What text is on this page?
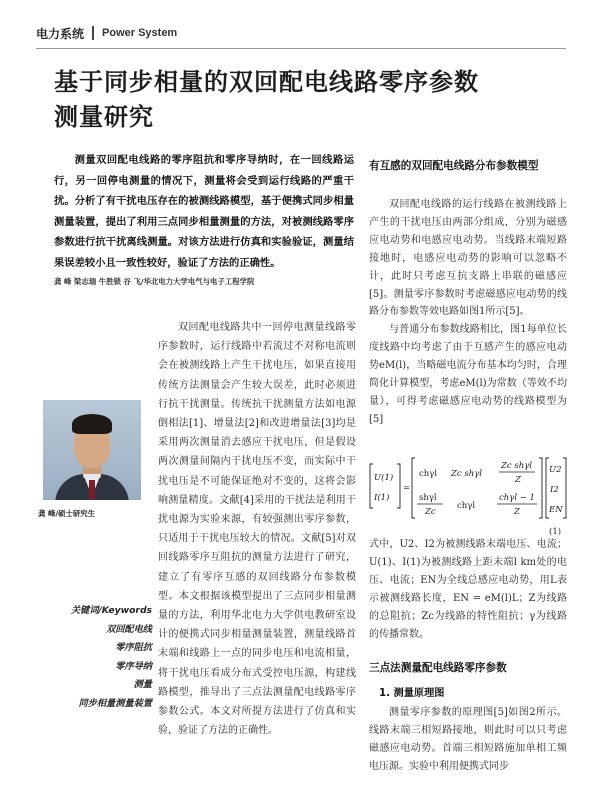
电力系统 Power System
基于同步相量的双回配电线路零序参数
测量研究
测量双回配电线路的零序阻抗和零序导纳时，在一回线路运行，另一回停电测量的情况下，测量将会受到运行线路的严重干扰。分析了有干扰电压存在的被测线路模型，基于便携式同步相量测量装置，提出了利用三点同步相量测量的方法，对被测线路零序参数进行抗干扰离线测量。对该方法进行仿真和实验验证，测量结果误差较小且一致性较好，验证了方法的正确性。
龚 峰 梁志瑞 牛胜锁 谷 飞/华北电力大学电气与电子工程学院
龚 峰/硕士研究生
关键词/Keywords
双回配电线
零序阻抗
零序导纳
测量
同步相量测量装置

双回配电线路共中一回停电测量线路零序参数时，运行线路中若流过不对称电流则会在被测线路上产生干扰电压，如果直接用传统方法测量会产生较大误差，此时必须进行抗干扰测量。传统抗干扰测量方法如电源倒相法[1]、增量法[2]和改进增量法[3]均是采用两次测量消去感应干扰电压，但是假设两次测量间隔内干扰电压不变，而实际中干扰电压是不可能保证绝对不变的，这将会影响测量精度。文献[4]采用的干扰法是利用干扰电源为实验来源，有较强测出零序参数，只适用于干扰电压较大的情况。文献[5]对双回线路零序互阻抗的测量方法进行了研究，建立了有零序互感的双回线路分布参数模型。本文根据该模型提出了三点同步相量测量的方法，利用华北电力大学供电教研室设计的便携式同步相量测量装置，测量线路首末端和线路上一点的同步电压和电流相量，将干扰电压看成分布式受控电压源，构建线路模型，推导出了三点法测量配电线路零序参数公式。本文对所提方法进行了仿真和实验，验证了方法的正确性。

有互感的双回配电线路分布参数模型

双回配电线路的运行线路在被测线路上产生的干扰电压由两部分组成，分别为磁感应电动势和电感应电动势。当线路末端短路接地时，电感应电动势的影响可以忽略不计，此时只考虑互抗支路上串联的磁感应[5]。测量零序参数时考虑磁感应电动势的线路分布参数等效电路如图1所示[5]。

与普通分布参数线路相比，图1每单位长度线路中均考虑了由于互感产生的感应电动势eM(l)，当略磁电流分布基本均匀时，合理简化计算模型，考虑eM(l)为常数（等效不均量），可得考虑磁感应电动势的线路模型为[5]

U(1)
I(1)
=
chγl Zc shγl
Zc shγl
Z
shγl
Zc
chγl
chγl − 1
Z
U2
I2
EN
(1)

式中，U2、I2为被测线路末端电压、电流；U(1)、I(1)为被测线路上距末端l km处的电压、电流；EN为全线总感应电动势，用L表示被测线路长度，EN = eM(l)L；Z为线路的总阻抗；Zc为线路的特性阻抗；γ为线路的传播常数。

三点法测量配电线路零序参数
1. 测量原理图

测量零序参数的原理图[5]如图2所示。线路末端三相短路接地，则此时可以只考虑磁感应电动势。首端三相短路施加单相工频电压源。实验中利用便携式同步
